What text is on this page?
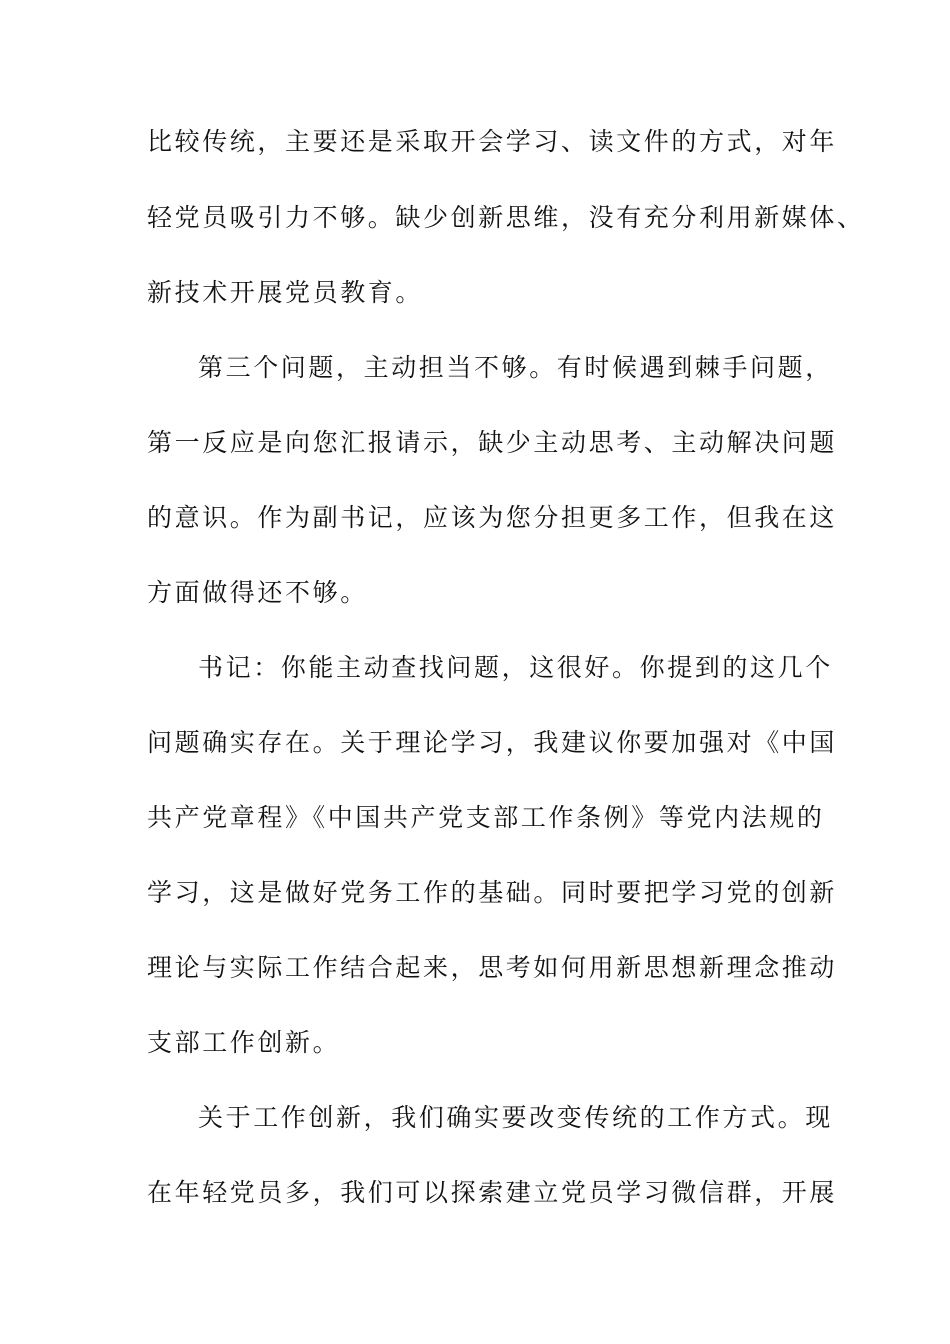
比较传统，主要还是采取开会学习、读文件的方式，对年
轻党员吸引力不够。缺少创新思维，没有充分利用新媒体、
新技术开展党员教育。
第三个问题，主动担当不够。有时候遇到棘手问题，
第一反应是向您汇报请示，缺少主动思考、主动解决问题
的意识。作为副书记，应该为您分担更多工作，但我在这
方面做得还不够。
书记：你能主动查找问题，这很好。你提到的这几个
问题确实存在。关于理论学习，我建议你要加强对《中国
共产党章程》《中国共产党支部工作条例》等党内法规的
学习，这是做好党务工作的基础。同时要把学习党的创新
理论与实际工作结合起来，思考如何用新思想新理念推动
支部工作创新。
关于工作创新，我们确实要改变传统的工作方式。现
在年轻党员多，我们可以探索建立党员学习微信群，开展
